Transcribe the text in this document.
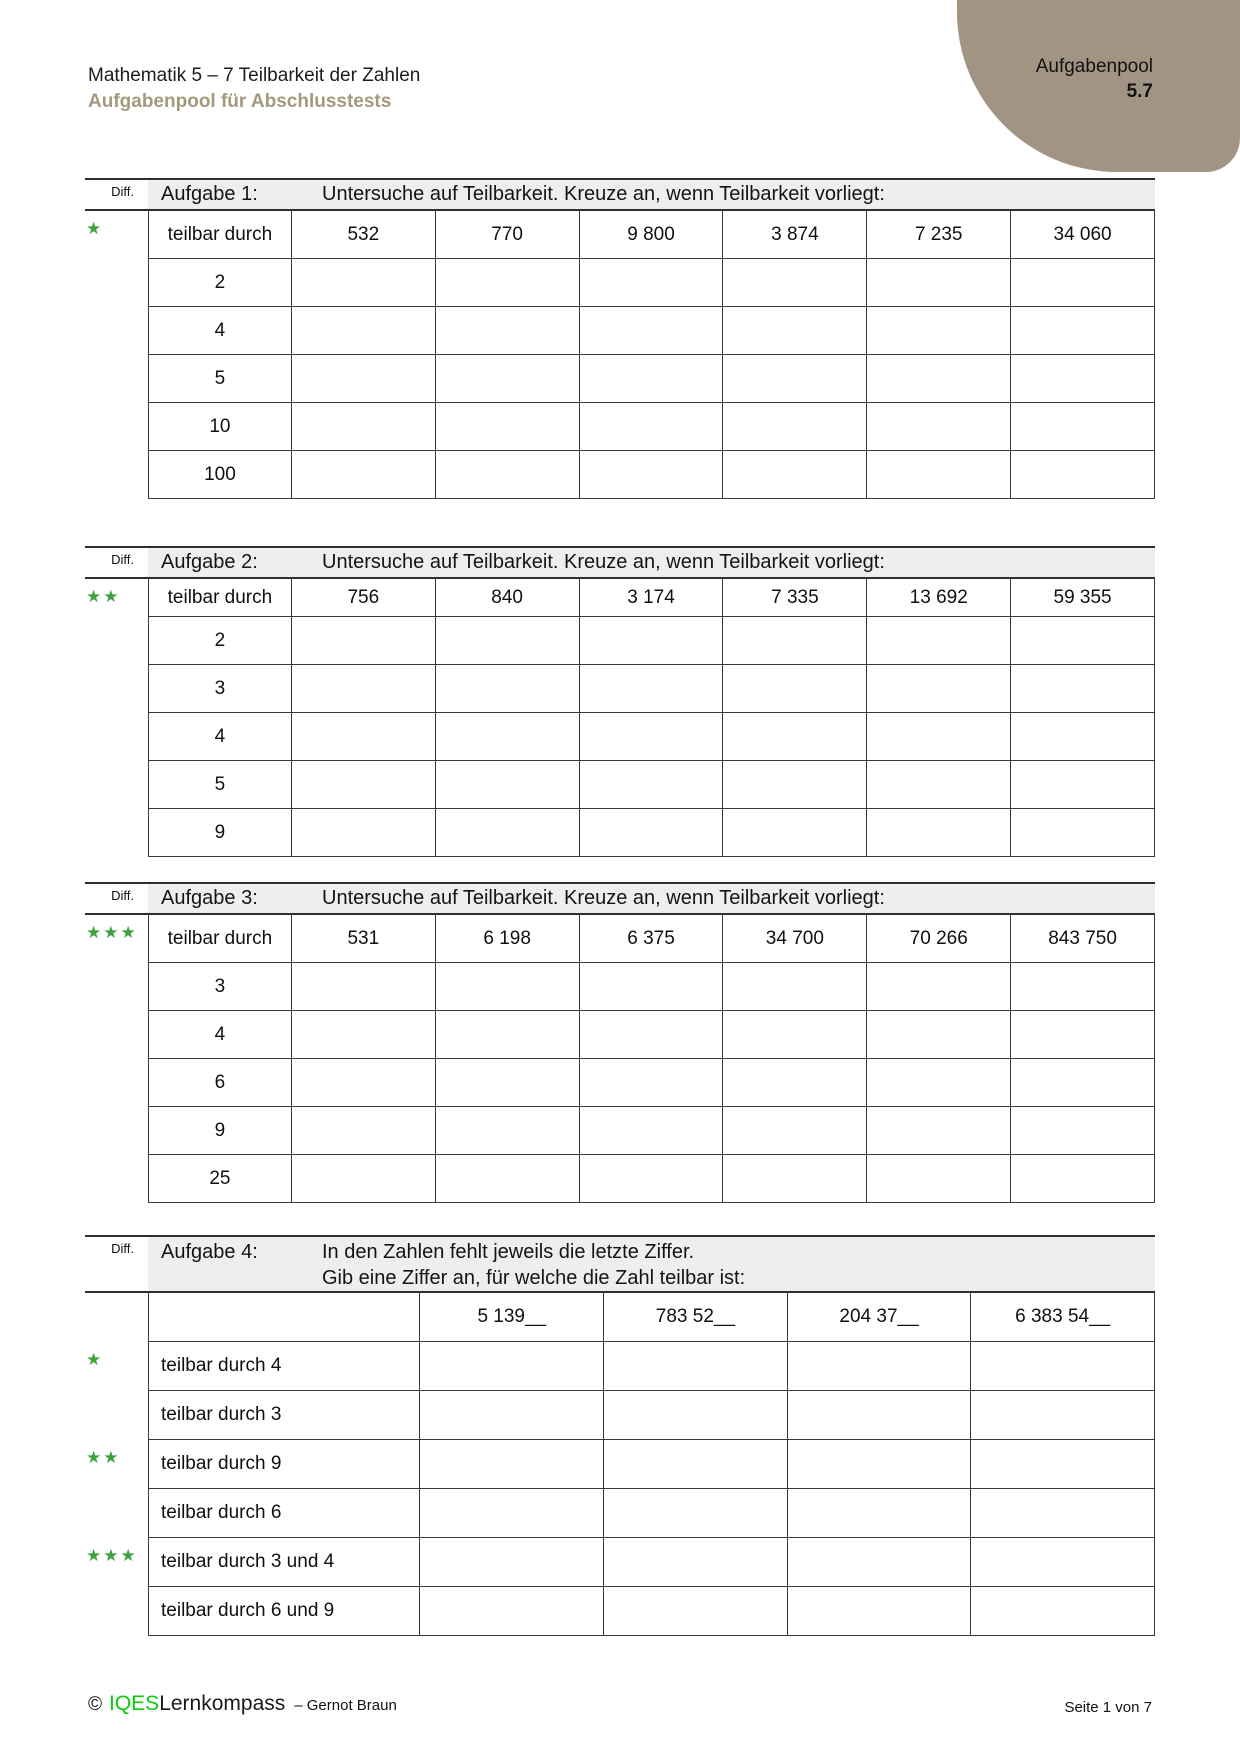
Aufgabenpool
5.7
Mathematik 5 – 7 Teilbarkeit der Zahlen
Aufgabenpool für Abschlusstests
Diff.	Aufgabe 1:	Untersuche auf Teilbarkeit. Kreuze an, wenn Teilbarkeit vorliegt:
★	teilbar durch	532	770	9 800	3 874	7 235	34 060
2
4
5
10
100
Diff.	Aufgabe 2:	Untersuche auf Teilbarkeit. Kreuze an, wenn Teilbarkeit vorliegt:
★★	teilbar durch	756	840	3 174	7 335	13 692	59 355
2
3
4
5
9
Diff.	Aufgabe 3:	Untersuche auf Teilbarkeit. Kreuze an, wenn Teilbarkeit vorliegt:
★★★	teilbar durch	531	6 198	6 375	34 700	70 266	843 750
3
4
6
9
25
Diff.	Aufgabe 4:	In den Zahlen fehlt jeweils die letzte Ziffer.
Gib eine Ziffer an, für welche die Zahl teilbar ist:
★
★★
★★★
5 139__	783 52__	204 37__	6 383 54__
teilbar durch 4
teilbar durch 3
teilbar durch 9
teilbar durch 6
teilbar durch 3 und 4
teilbar durch 6 und 9
© IQES Lernkompass – Gernot Braun	Seite 1 von 7
